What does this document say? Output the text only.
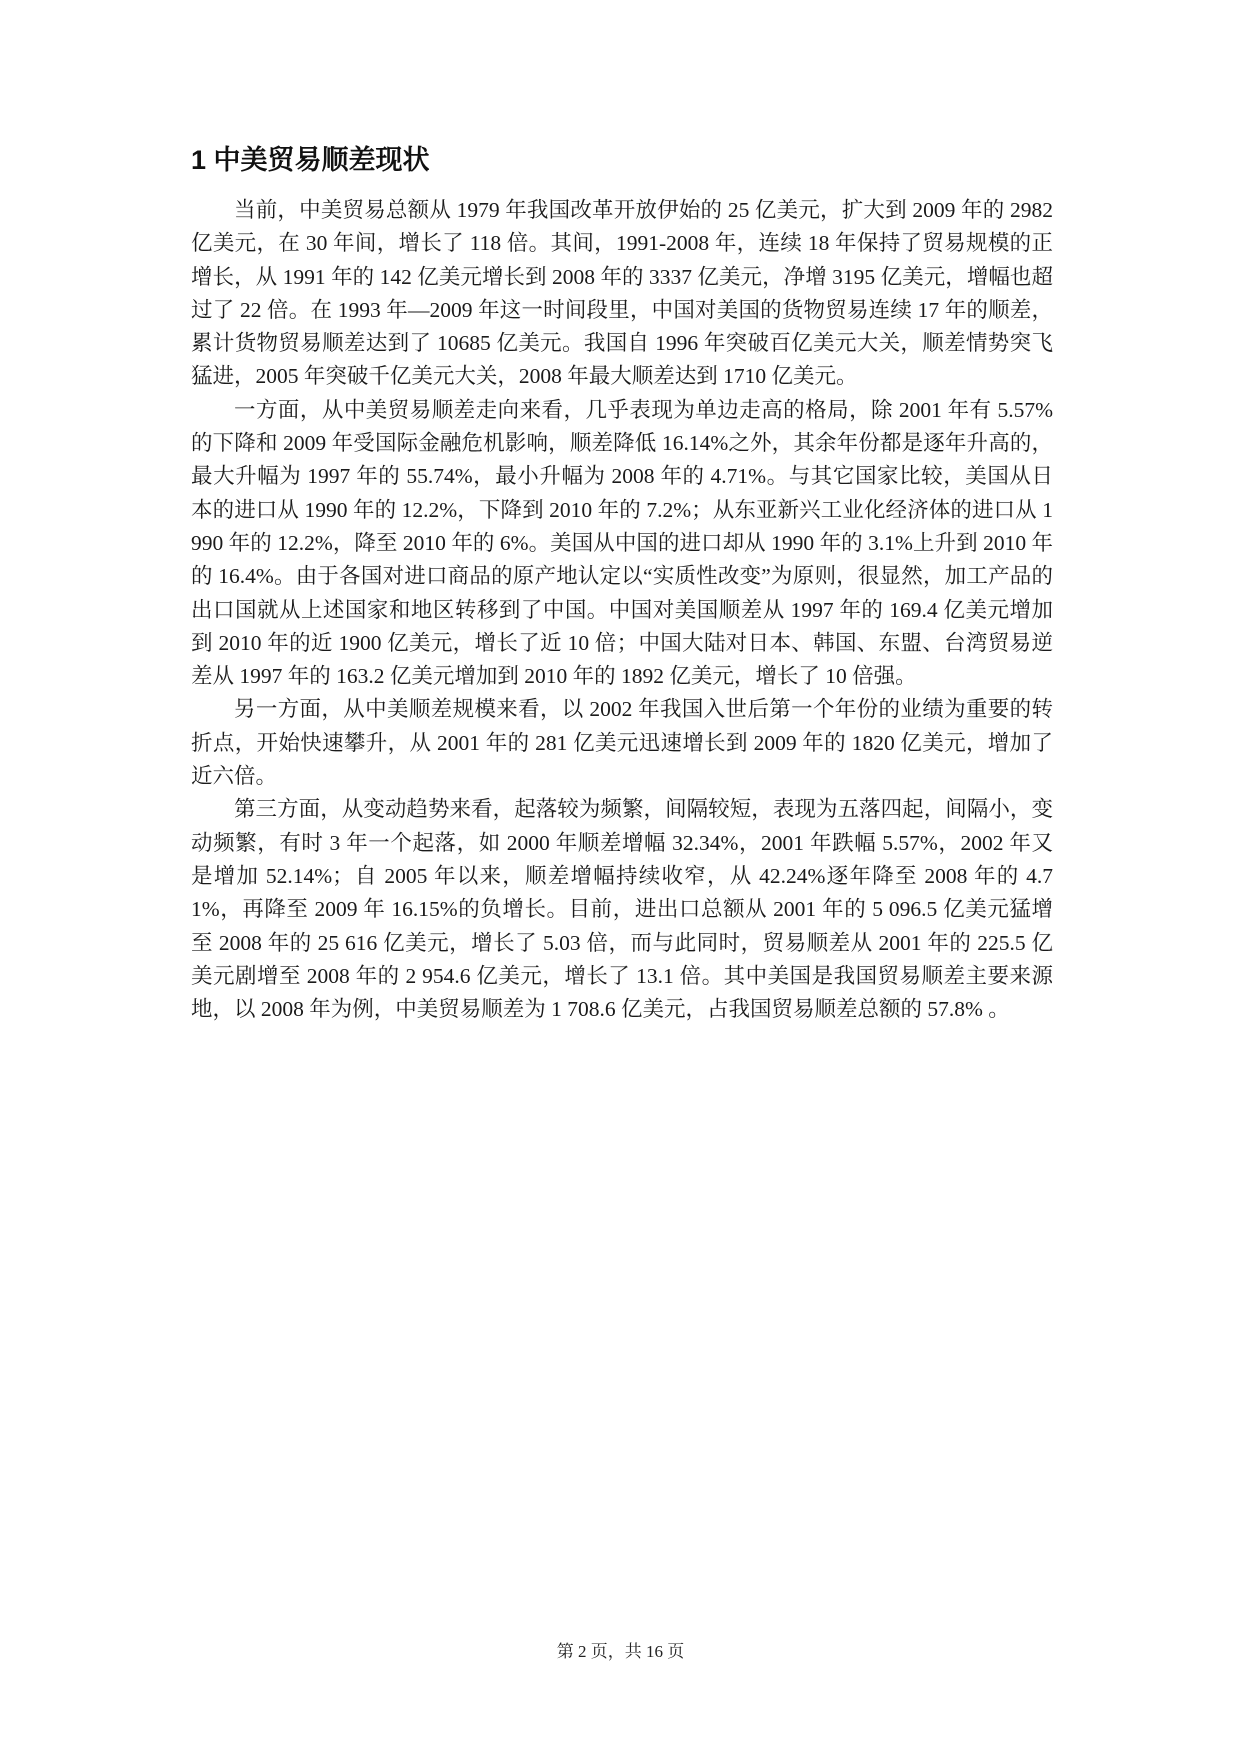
1 中美贸易顺差现状

当前，中美贸易总额从 1979 年我国改革开放伊始的 25 亿美元，扩大到 2009 年的 2982 亿美元，在 30 年间，增长了 118 倍。其间，1991-2008 年，连续 18 年保持了贸易规模的正增长，从 1991 年的 142 亿美元增长到 2008 年的 3337 亿美元，净增 3195 亿美元，增幅也超过了 22 倍。在 1993 年—2009 年这一时间段里，中国对美国的货物贸易连续 17 年的顺差，累计货物贸易顺差达到了 10685 亿美元。我国自 1996 年突破百亿美元大关，顺差情势突飞猛进，2005 年突破千亿美元大关，2008 年最大顺差达到 1710 亿美元。

一方面，从中美贸易顺差走向来看，几乎表现为单边走高的格局，除 2001 年有 5.57%的下降和 2009 年受国际金融危机影响，顺差降低 16.14%之外，其余年份都是逐年升高的，最大升幅为 1997 年的 55.74%，最小升幅为 2008 年的 4.71%。与其它国家比较，美国从日本的进口从 1990 年的 12.2%，下降到 2010 年的 7.2%；从东亚新兴工业化经济体的进口从 1990 年的 12.2%，降至 2010 年的 6%。美国从中国的进口却从 1990 年的 3.1%上升到 2010 年的 16.4%。由于各国对进口商品的原产地认定以“实质性改变”为原则，很显然，加工产品的出口国就从上述国家和地区转移到了中国。中国对美国顺差从 1997 年的 169.4 亿美元增加到 2010 年的近 1900 亿美元，增长了近 10 倍；中国大陆对日本、韩国、东盟、台湾贸易逆差从 1997 年的 163.2 亿美元增加到 2010 年的 1892 亿美元，增长了 10 倍强。

另一方面，从中美顺差规模来看，以 2002 年我国入世后第一个年份的业绩为重要的转折点，开始快速攀升，从 2001 年的 281 亿美元迅速增长到 2009 年的 1820 亿美元，增加了近六倍。

第三方面，从变动趋势来看，起落较为频繁，间隔较短，表现为五落四起，间隔小，变动频繁，有时 3 年一个起落，如 2000 年顺差增幅 32.34%，2001 年跌幅 5.57%，2002 年又是增加 52.14%；自 2005 年以来，顺差增幅持续收窄，从 42.24%逐年降至 2008 年的 4.71%，再降至 2009 年 16.15%的负增长。目前，进出口总额从 2001 年的 5 096.5 亿美元猛增至 2008 年的 25 616 亿美元，增长了 5.03 倍，而与此同时，贸易顺差从 2001 年的 225.5 亿美元剧增至 2008 年的 2 954.6 亿美元，增长了 13.1 倍。其中美国是我国贸易顺差主要来源地，以 2008 年为例，中美贸易顺差为 1 708.6 亿美元，占我国贸易顺差总额的 57.8% 。

第 2 页，共 16 页
